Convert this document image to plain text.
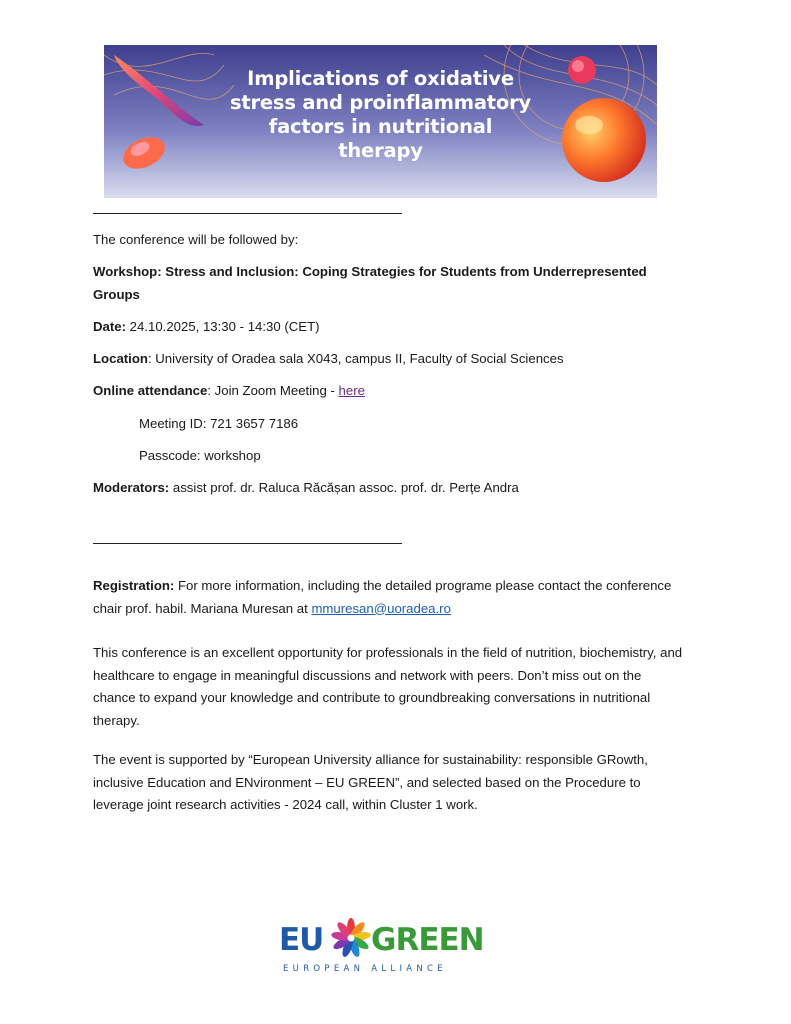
Implications of oxidative
stress and proinflammatory
factors in nutritional
therapy
The conference will be followed by:
Workshop: Stress and Inclusion: Coping Strategies for Students from Underrepresented
Groups
Date: 24.10.2025, 13:30 - 14:30 (CET)
Location: University of Oradea sala X043, campus II, Faculty of Social Sciences
Online attendance: Join Zoom Meeting - here
Meeting ID: 721 3657 7186
Passcode: workshop
Moderators: assist prof. dr. Raluca Răcășan assoc. prof. dr. Perțe Andra
Registration: For more information, including the detailed programe please contact the conference chair prof. habil. Mariana Muresan at mmuresan@uoradea.ro
This conference is an excellent opportunity for professionals in the field of nutrition, biochemistry, and healthcare to engage in meaningful discussions and network with peers. Don’t miss out on the chance to expand your knowledge and contribute to groundbreaking conversations in nutritional therapy.
The event is supported by “European University alliance for sustainability: responsible GRowth, inclusive Education and ENvironment – EU GREEN”, and selected based on the Procedure to leverage joint research activities - 2024 call, within Cluster 1 work.
EU GREEN
EUROPEAN ALLIANCE
